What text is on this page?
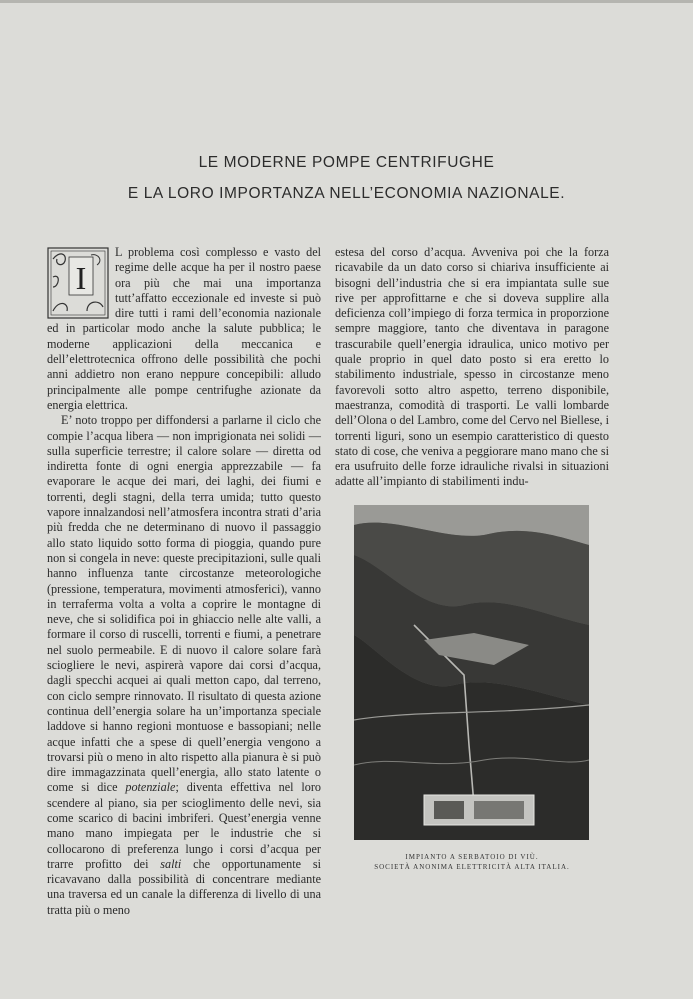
LE MODERNE POMPE CENTRIFUGHE
E LA LORO IMPORTANZA NELL’ECONOMIA NAZIONALE.

I
L problema così complesso e vasto del regime delle acque ha per il nostro paese ora più che mai una importanza tutt’affatto eccezionale ed investe si può dire tutti i rami dell’economia nazionale ed in particolar modo anche la salute pubblica; le moderne applicazioni della meccanica e dell’elettrotecnica offrono delle possibilità che pochi anni addietro non erano neppure concepibili: alludo principalmente alle pompe centrifughe azionate da energia elettrica.

E’ noto troppo per diffondersi a parlarne il ciclo che compie l’acqua libera — non imprigionata nei solidi — sulla superficie terrestre; il calore solare — diretta od indiretta fonte di ogni energia apprezzabile — fa evaporare le acque dei mari, dei laghi, dei fiumi e torrenti, degli stagni, della terra umida; tutto questo vapore innalzandosi nell’atmosfera incontra strati d’aria più fredda che ne determinano di nuovo il passaggio allo stato liquido sotto forma di pioggia, quando pure non si congela in neve: queste precipitazioni, sulle quali hanno influenza tante circostanze meteorologiche (pressione, temperatura, movimenti atmosferici), vanno in terraferma volta a volta a coprire le montagne di neve, che si solidifica poi in ghiaccio nelle alte valli, a formare il corso di ruscelli, torrenti e fiumi, a penetrare nel suolo permeabile. E di nuovo il calore solare farà sciogliere le nevi, aspirerà vapore dai corsi d’acqua, dagli specchi acquei ai quali metton capo, dal terreno, con ciclo sempre rinnovato. Il risultato di questa azione continua dell’energia solare ha un’importanza speciale laddove si hanno regioni montuose e bassopiani; nelle acque infatti che a spese di quell’energia vengono a trovarsi più o meno in alto rispetto alla pianura è si può dire immagazzinata quell’energia, allo stato latente o come si dice potenziale; diventa effettiva nel loro scendere al piano, sia per scioglimento delle nevi, sia come scarico di bacini imbriferi. Quest’energia venne mano mano impiegata per le industrie che si collocarono di preferenza lungo i corsi d’acqua per trarre profitto dei salti che opportunamente si ricavavano dalla possibilità di concentrare mediante una traversa ed un canale la differenza di livello di una tratta più o meno

estesa del corso d’acqua. Avveniva poi che la forza ricavabile da un dato corso si chiariva insufficiente ai bisogni dell’industria che si era impiantata sulle sue rive per approfittarne e che si doveva supplire alla deficienza coll’impiego di forza termica in proporzione sempre maggiore, tanto che diventava in paragone trascurabile quell’energia idraulica, unico motivo per quale proprio in quel dato posto si era eretto lo stabilimento industriale, spesso in circostanze meno favorevoli sotto altro aspetto, terreno disponibile, maestranza, comodità di trasporti. Le valli lombarde dell’Olona o del Lambro, come del Cervo nel Biellese, i torrenti liguri, sono un esempio caratteristico di questo stato di cose, che veniva a peggiorare mano mano che si era usufruito delle forze idrauliche rivalsi in situazioni adatte all’impianto di stabilimenti indu-

IMPIANTO A SERBATOIO DI VIÙ.
SOCIETÀ ANONIMA ELETTRICITÀ ALTA ITALIA.
